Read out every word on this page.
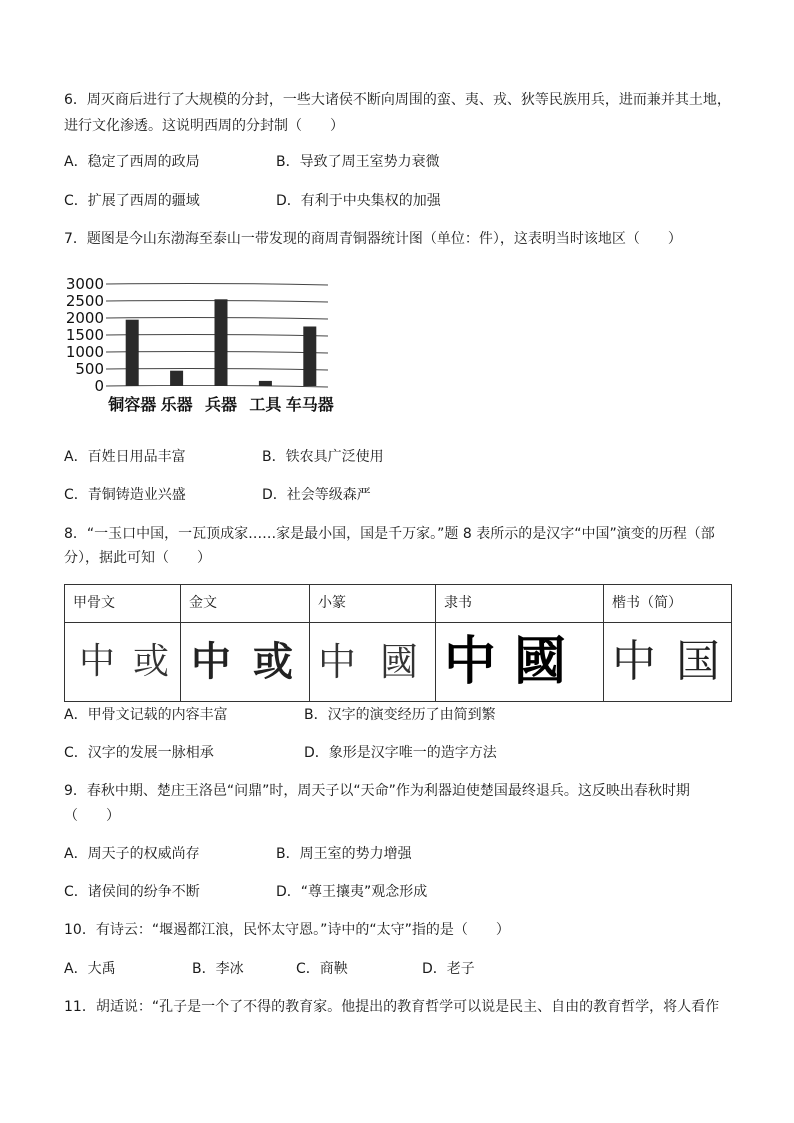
6．周灭商后进行了大规模的分封，一些大诸侯不断向周围的蛮、夷、戎、狄等民族用兵，进而兼并其土地，
进行文化渗透。这说明西周的分封制（　　）
A．稳定了西周的政局	B．导致了周王室势力衰微
C．扩展了西周的疆域	D．有利于中央集权的加强
7．题图是今山东渤海至泰山一带发现的商周青铜器统计图（单位：件），这表明当时该地区（　　）
3000
2500
2000
1500
1000
500
0
铜容器 乐器 兵器 工具 车马器
A．百姓日用品丰富	B．铁农具广泛使用
C．青铜铸造业兴盛	D．社会等级森严
8．“一玉口中国，一瓦顶成家……家是最小国，国是千万家。”题 8 表所示的是汉字“中国”演变的历程（部
分），据此可知（　　）
甲骨文	金文	小篆	隶书	楷书（简）
中或 中或 中國 中國 中国
A．甲骨文记载的内容丰富	B．汉字的演变经历了由简到繁
C．汉字的发展一脉相承	D．象形是汉字唯一的造字方法
9．春秋中期、楚庄王洛邑“问鼎”时，周天子以“天命”作为利器迫使楚国最终退兵。这反映出春秋时期
（　　）
A．周天子的权威尚存	B．周王室的势力增强
C．诸侯间的纷争不断	D．“尊王攘夷”观念形成
10．有诗云：“堰遏都江浪，民怀太守恩。”诗中的“太守”指的是（　　）
A．大禹	B．李冰	C．商鞅	D．老子
11．胡适说：“孔子是一个了不得的教育家。他提出的教育哲学可以说是民主、自由的教育哲学，将人看作
